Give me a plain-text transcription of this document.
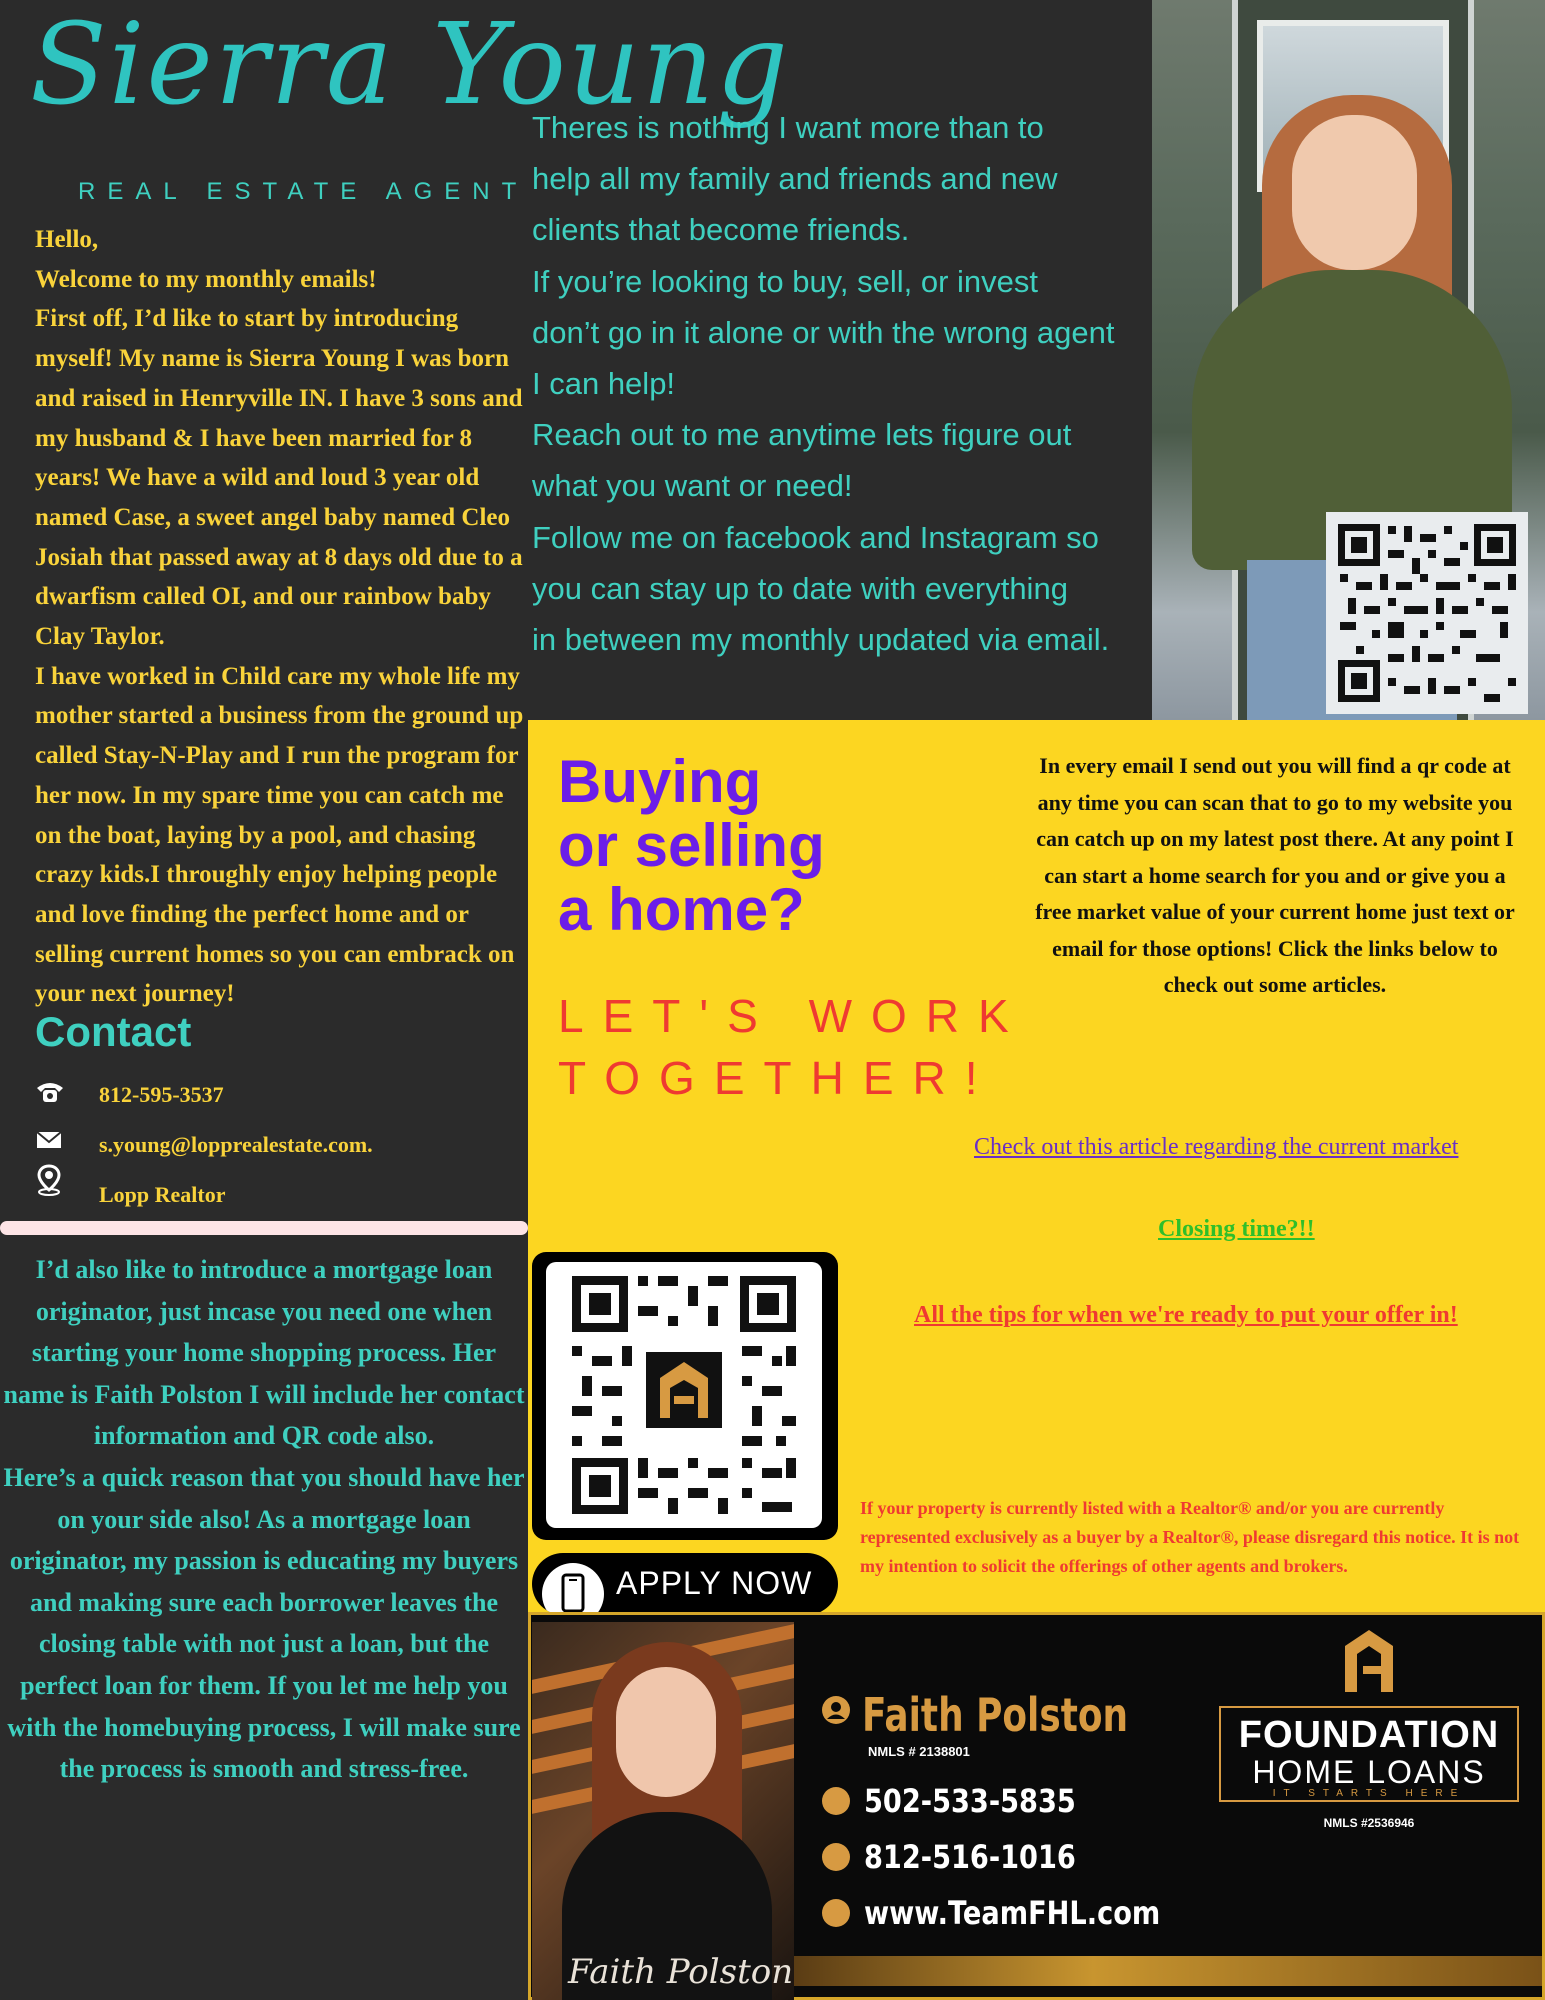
Sierra Young
REAL ESTATE AGENT

Hello,

Welcome to my monthly emails!

First off, I’d like to start by introducing myself! My name is Sierra Young I was born and raised in Henryville IN. I have 3 sons and my husband & I have been married for 8 years! We have a wild and loud 3 year old named Case, a sweet angel baby named Cleo Josiah that passed away at 8 days old due to a dwarfism called OI, and our rainbow baby Clay Taylor.

I have worked in Child care my whole life my mother started a business from the ground up called Stay-N-Play and I run the program for her now. In my spare time you can catch me on the boat, laying by a pool, and chasing crazy kids.I throughly enjoy helping people and love finding the perfect home and or selling current homes so you can embrack on your next journey!

Theres is nothing I want more than to

help all my family and friends and new

clients that become friends.

If you’re looking to buy, sell, or invest

don’t go in it alone or with the wrong agent

I can help!

Reach out to me anytime lets figure out

what you want or need!

Follow me on facebook and Instagram so

you can stay up to date with everything

in between my monthly updated via email.

Contact
812-595-3537
s.young@lopprealestate.com.
Lopp Realtor

I’d also like to introduce a mortgage loan originator, just incase you need one when starting your home shopping process. Her name is Faith Polston I will include her contact information and QR code also.

Here’s a quick reason that you should have her on your side also! As a mortgage loan originator, my passion is educating my buyers and making sure each borrower leaves the closing table with not just a loan, but the perfect loan for them. If you let me help you with the homebuying process, I will make sure the process is smooth and stress-free.

Buying

or selling

a home?

LET'S WORK

TOGETHER!

In every email I send out you will find a qr code at any time you can scan that to go to my website you can catch up on my latest post there. At any point I can start a home search for you and or give you a free market value of your current home just text or email for those options! Click the links below to check out some articles.
Check out this article regarding the current market
Closing time?!!
All the tips for when we're ready to put your offer in!
APPLY NOW
If your property is currently listed with a Realtor® and/or you are currently represented exclusively as a buyer by a Realtor®, please disregard this notice. It is not my intention to solicit the offerings of other agents and brokers.
Faith Polston
Faith Polston
NMLS # 2138801
502-533-5835
812-516-1016
www.TeamFHL.com
FOUNDATION
HOME LOANS
IT STARTS HERE
NMLS #2536946
